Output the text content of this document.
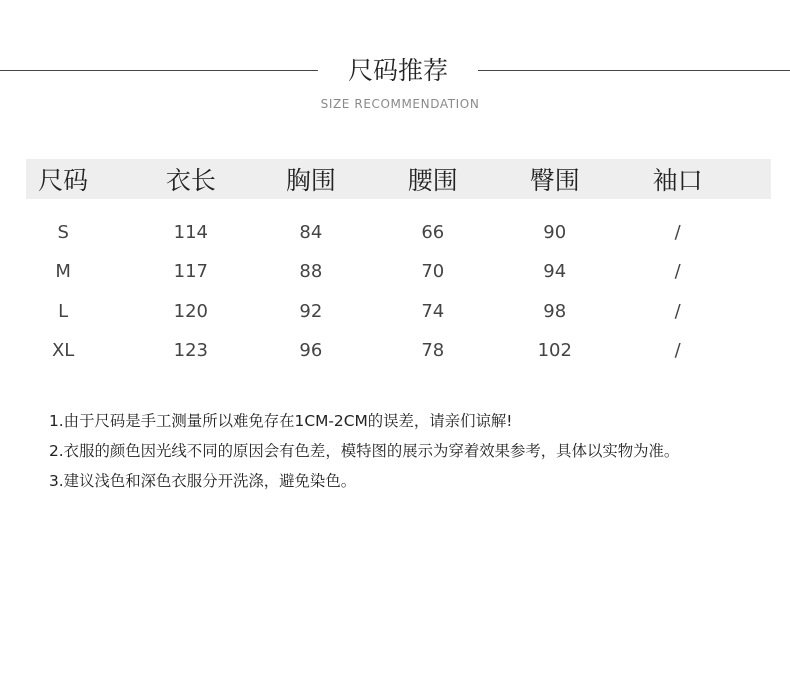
尺码推荐
SIZE RECOMMENDATION
尺码	衣长	胸围	腰围	臀围	袖口
S	114	84	66	90	/
M	117	88	70	94	/
L	120	92	74	98	/
XL	123	96	78	102	/
1.由于尺码是手工测量所以难免存在1CM-2CM的误差，请亲们谅解!
2.衣服的颜色因光线不同的原因会有色差，模特图的展示为穿着效果参考，具体以实物为准。
3.建议浅色和深色衣服分开洗涤，避免染色。
